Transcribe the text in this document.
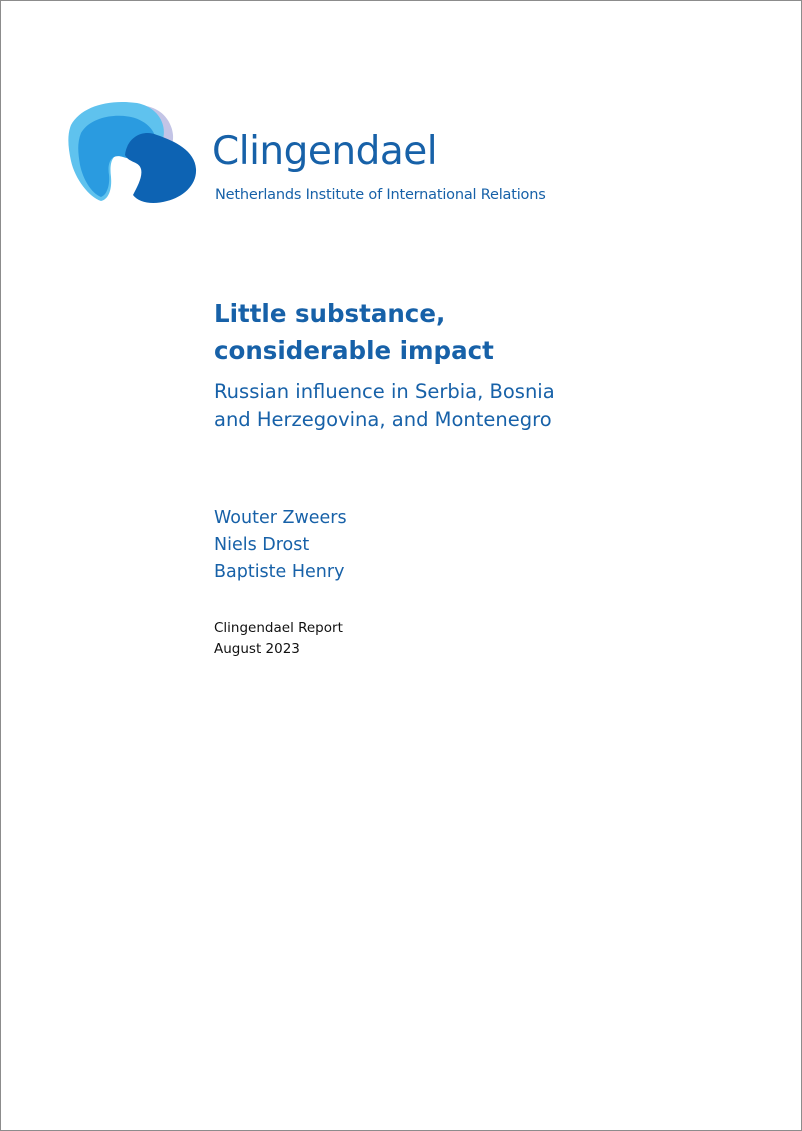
Clingendael
Netherlands Institute of International Relations
Little substance,
considerable impact
Russian influence in Serbia, Bosnia
and Herzegovina, and Montenegro
Wouter Zweers
Niels Drost
Baptiste Henry
Clingendael Report
August 2023
